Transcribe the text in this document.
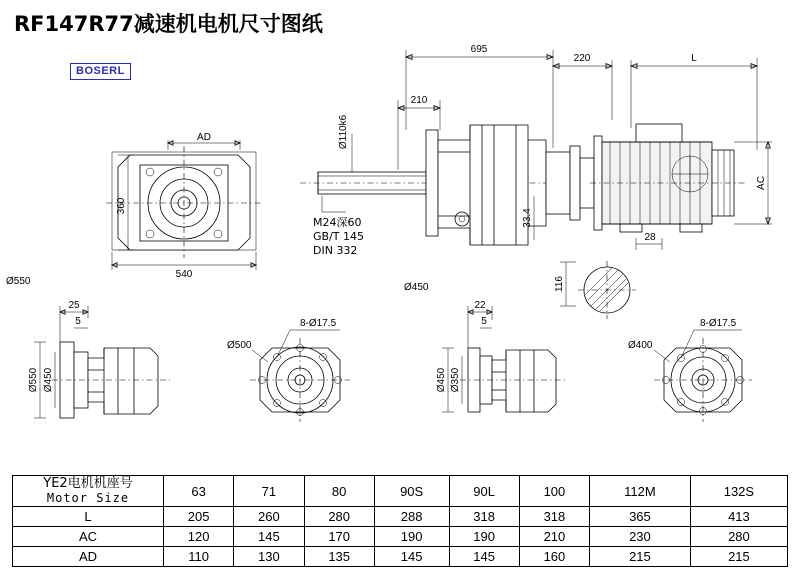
RF147R77减速机电机尺寸图纸
BOSERL
AD
360
540
695
220	L
210
Ø110k6
33.4
AC
M24深60
GB/T 145
DIN 332
28
116
Ø550
Ø450
Ø550 Ø450
25
5	8-Ø17.5
Ø500
Ø450 Ø350
22
5	8-Ø17.5
Ø400
YE2电机机座号
Motor Size	63	71	80	90S	90L	100	112M	132S
L	205	260	280	288	318	318	365	413
AC	120	145	170	190	190	210	230	280
AD	110	130	135	145	145	160	215	215
